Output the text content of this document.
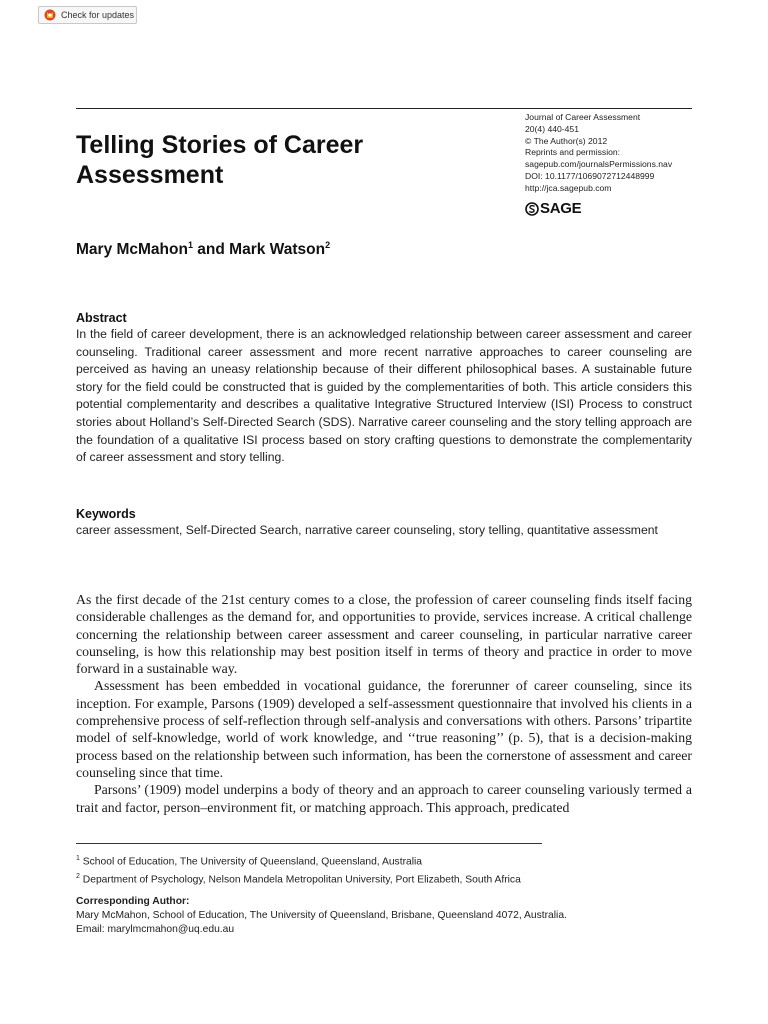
Check for updates
Telling Stories of Career Assessment
Journal of Career Assessment
20(4) 440-451
© The Author(s) 2012
Reprints and permission:
sagepub.com/journalsPermissions.nav
DOI: 10.1177/1069072712448999
http://jca.sagepub.com
SAGE
Mary McMahon$^1$ and Mark Watson$^2$
Abstract

In the field of career development, there is an acknowledged relationship between career assessment and career counseling. Traditional career assessment and more recent narrative approaches to career counseling are perceived as having an uneasy relationship because of their different philosophical bases. A sustainable future story for the field could be constructed that is guided by the complementarities of both. This article considers this potential complementarity and describes a qualitative Integrative Structured Interview (ISI) Process to construct stories about Holland’s Self-Directed Search (SDS). Narrative career counseling and the story telling approach are the foundation of a qualitative ISI process based on story crafting questions to demonstrate the complementarity of career assessment and story telling.

Keywords

career assessment, Self-Directed Search, narrative career counseling, story telling, quantitative assessment

As the first decade of the 21st century comes to a close, the profession of career counseling finds itself facing considerable challenges as the demand for, and opportunities to provide, services increase. A critical challenge concerning the relationship between career assessment and career counseling, in particular narrative career counseling, is how this relationship may best position itself in terms of theory and practice in order to move forward in a sustainable way.

Assessment has been embedded in vocational guidance, the forerunner of career counseling, since its inception. For example, Parsons (1909) developed a self-assessment questionnaire that involved his clients in a comprehensive process of self-reflection through self-analysis and conversations with others. Parsons’ tripartite model of self-knowledge, world of work knowledge, and ‘‘true reasoning’’ (p. 5), that is a decision-making process based on the relationship between such information, has been the cornerstone of assessment and career counseling since that time.

Parsons’ (1909) model underpins a body of theory and an approach to career counseling variously termed a trait and factor, person–environment fit, or matching approach. This approach, predicated

$^1$ School of Education, The University of Queensland, Queensland, Australia
$^2$ Department of Psychology, Nelson Mandela Metropolitan University, Port Elizabeth, South Africa
Corresponding Author:
Mary McMahon, School of Education, The University of Queensland, Brisbane, Queensland 4072, Australia.
Email: marylmcmahon@uq.edu.au
